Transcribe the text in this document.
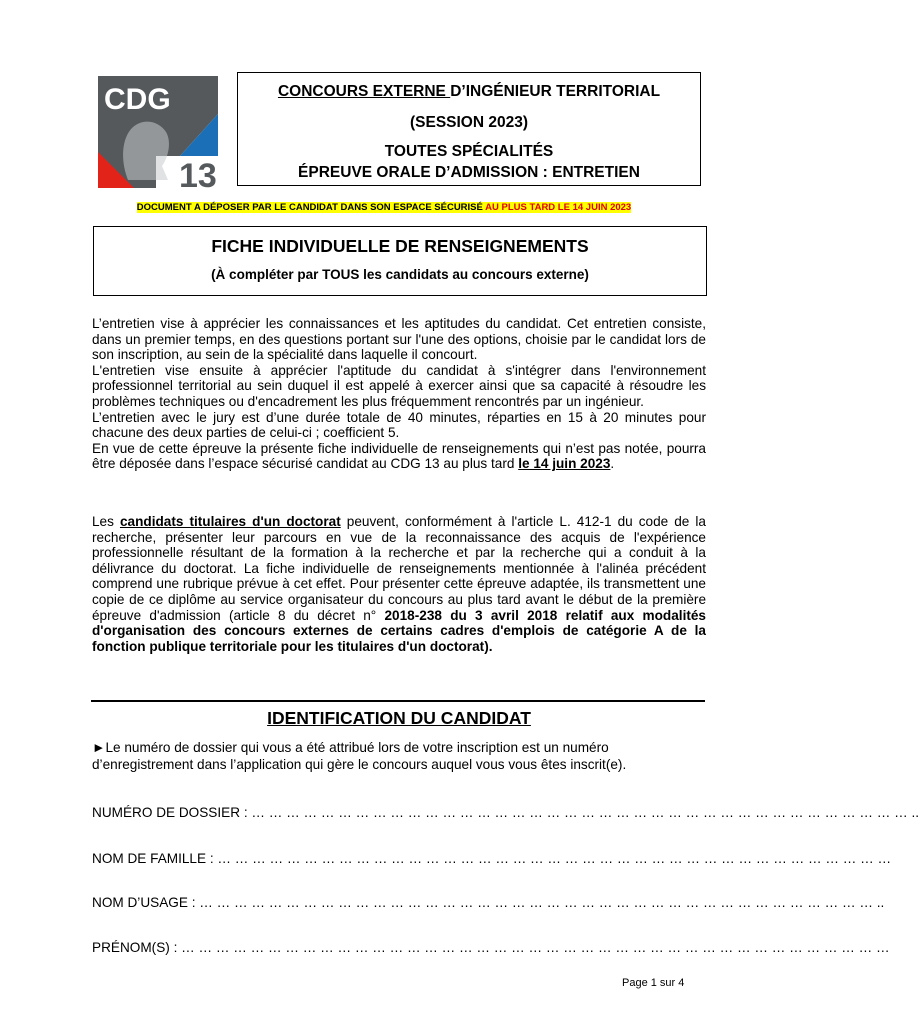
CDG
13
CONCOURS EXTERNE D’INGÉNIEUR TERRITORIAL
(SESSION 2023)
TOUTES SPÉCIALITÉS
ÉPREUVE ORALE D’ADMISSION : ENTRETIEN
DOCUMENT A DÉPOSER PAR LE CANDIDAT DANS SON ESPACE SÉCURISÉ AU PLUS TARD LE 14 JUIN 2023
FICHE INDIVIDUELLE DE RENSEIGNEMENTS
(À compléter par TOUS les candidats au concours externe)

L’entretien vise à apprécier les connaissances et les aptitudes du candidat. Cet entretien consiste, dans un premier temps, en des questions portant sur l'une des options, choisie par le candidat lors de son inscription, au sein de la spécialité dans laquelle il concourt.

L'entretien vise ensuite à apprécier l'aptitude du candidat à s'intégrer dans l'environnement professionnel territorial au sein duquel il est appelé à exercer ainsi que sa capacité à résoudre les problèmes techniques ou d'encadrement les plus fréquemment rencontrés par un ingénieur.

L’entretien avec le jury est d’une durée totale de 40 minutes, réparties en 15 à 20 minutes pour chacune des deux parties de celui-ci ; coefficient 5.

En vue de cette épreuve la présente fiche individuelle de renseignements qui n’est pas notée, pourra être déposée dans l’espace sécurisé candidat au CDG 13 au plus tard le 14 juin 2023.

Les candidats titulaires d'un doctorat peuvent, conformément à l'article L. 412-1 du code de la recherche, présenter leur parcours en vue de la reconnaissance des acquis de l'expérience professionnelle résultant de la formation à la recherche et par la recherche qui a conduit à la délivrance du doctorat. La fiche individuelle de renseignements mentionnée à l'alinéa précédent comprend une rubrique prévue à cet effet. Pour présenter cette épreuve adaptée, ils transmettent une copie de ce diplôme au service organisateur du concours au plus tard avant le début de la première épreuve d'admission (article 8 du décret n° 2018-238 du 3 avril 2018 relatif aux modalités d'organisation des concours externes de certains cadres d'emplois de catégorie A de la fonction publique territoriale pour les titulaires d'un doctorat).
IDENTIFICATION DU CANDIDAT
►Le numéro de dossier qui vous a été attribué lors de votre inscription est un numéro d’enregistrement dans l’application qui gère le concours auquel vous vous êtes inscrit(e).
NUMÉRO DE DOSSIER : … … … … … … … … … … … … … … … … … … … … … … … … … … … … … … … … … … … … … … ..
NOM DE FAMILLE : … … … … … … … … … … … … … … … … … … … … … … … … … … … … … … … … … … … … … … …
NOM D’USAGE : … … … … … … … … … … … … … … … … … … … … … … … … … … … … … … … … … … … … … … … ..
PRÉNOM(S) : … … … … … … … … … … … … … … … … … … … … … … … … … … … … … … … … … … … … … … … … …
Page 1 sur 4
